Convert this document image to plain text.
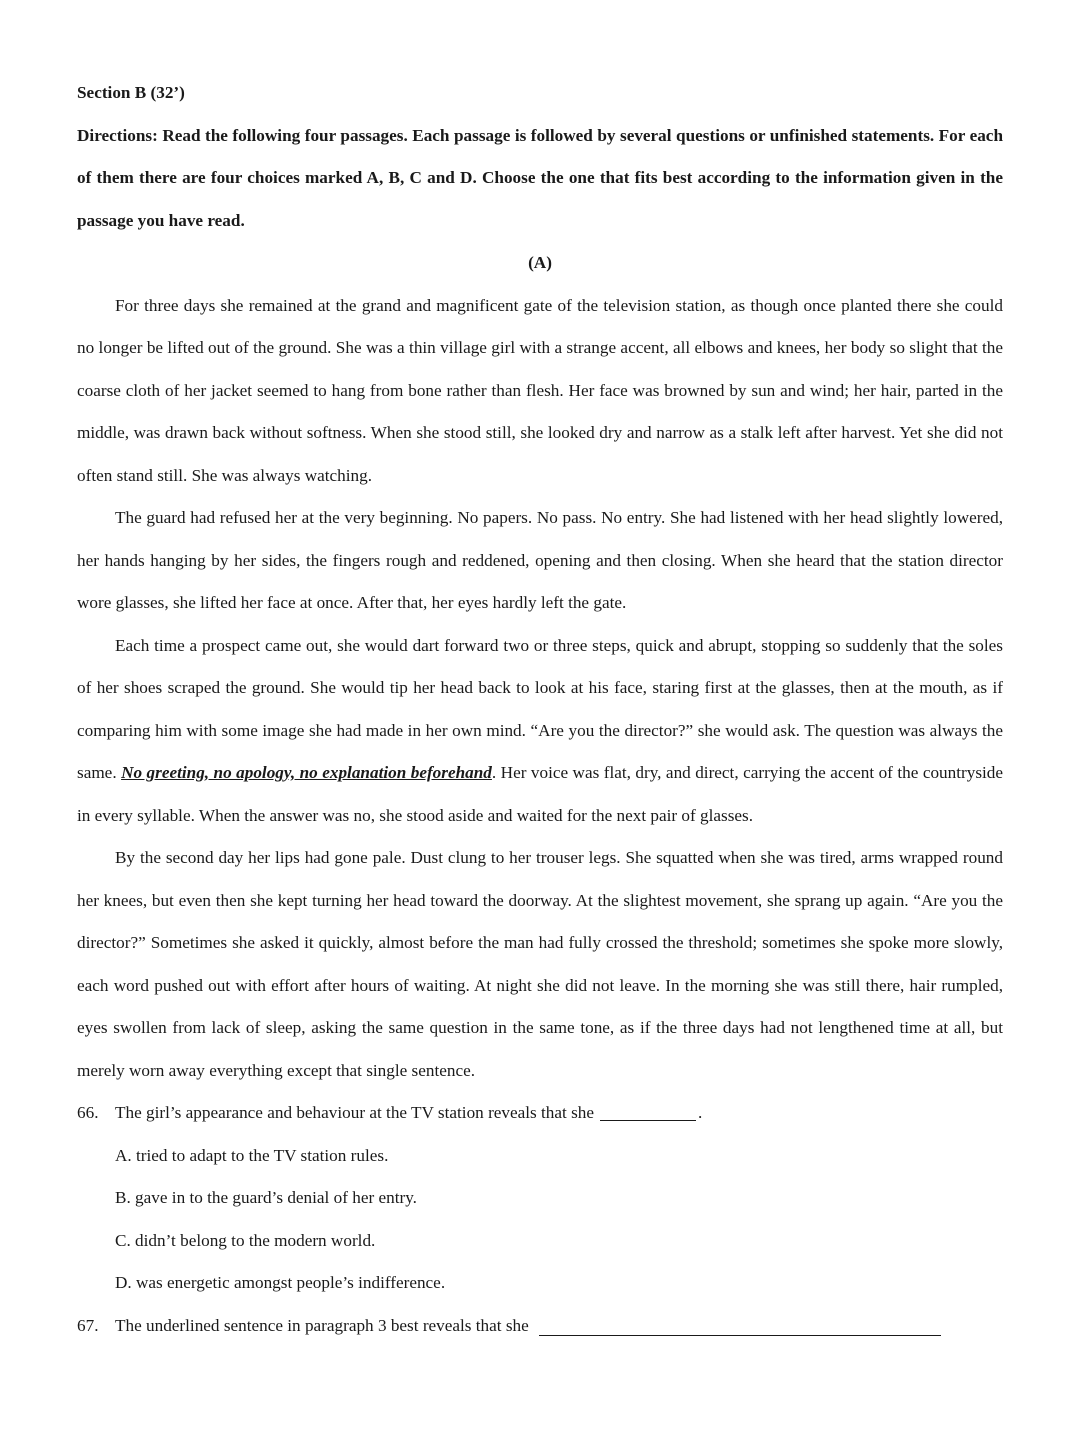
Section B (32’)

Directions: Read the following four passages. Each passage is followed by several questions or unfinished statements. For each of them there are four choices marked A, B, C and D. Choose the one that fits best according to the information given in the passage you have read.

(A)

For three days she remained at the grand and magnificent gate of the television station, as though once planted there she could no longer be lifted out of the ground. She was a thin village girl with a strange accent, all elbows and knees, her body so slight that the coarse cloth of her jacket seemed to hang from bone rather than flesh. Her face was browned by sun and wind; her hair, parted in the middle, was drawn back without softness. When she stood still, she looked dry and narrow as a stalk left after harvest. Yet she did not often stand still. She was always watching.

The guard had refused her at the very beginning. No papers. No pass. No entry. She had listened with her head slightly lowered, her hands hanging by her sides, the fingers rough and reddened, opening and then closing. When she heard that the station director wore glasses, she lifted her face at once. After that, her eyes hardly left the gate.

Each time a prospect came out, she would dart forward two or three steps, quick and abrupt, stopping so suddenly that the soles of her shoes scraped the ground. She would tip her head back to look at his face, staring first at the glasses, then at the mouth, as if comparing him with some image she had made in her own mind. “Are you the director?” she would ask. The question was always the same. No greeting, no apology, no explanation beforehand. Her voice was flat, dry, and direct, carrying the accent of the countryside in every syllable. When the answer was no, she stood aside and waited for the next pair of glasses.

By the second day her lips had gone pale. Dust clung to her trouser legs. She squatted when she was tired, arms wrapped round her knees, but even then she kept turning her head toward the doorway. At the slightest movement, she sprang up again. “Are you the director?” Sometimes she asked it quickly, almost before the man had fully crossed the threshold; sometimes she spoke more slowly, each word pushed out with effort after hours of waiting. At night she did not leave. In the morning she was still there, hair rumpled, eyes swollen from lack of sleep, asking the same question in the same tone, as if the three days had not lengthened time at all, but merely worn away everything except that single sentence.

66. The girl’s appearance and behaviour at the TV station reveals that she	.

A. tried to adapt to the TV station rules.

B. gave in to the guard’s denial of her entry.

C. didn’t belong to the modern world.

D. was energetic amongst people’s indifference.

67. The underlined sentence in paragraph 3 best reveals that she
